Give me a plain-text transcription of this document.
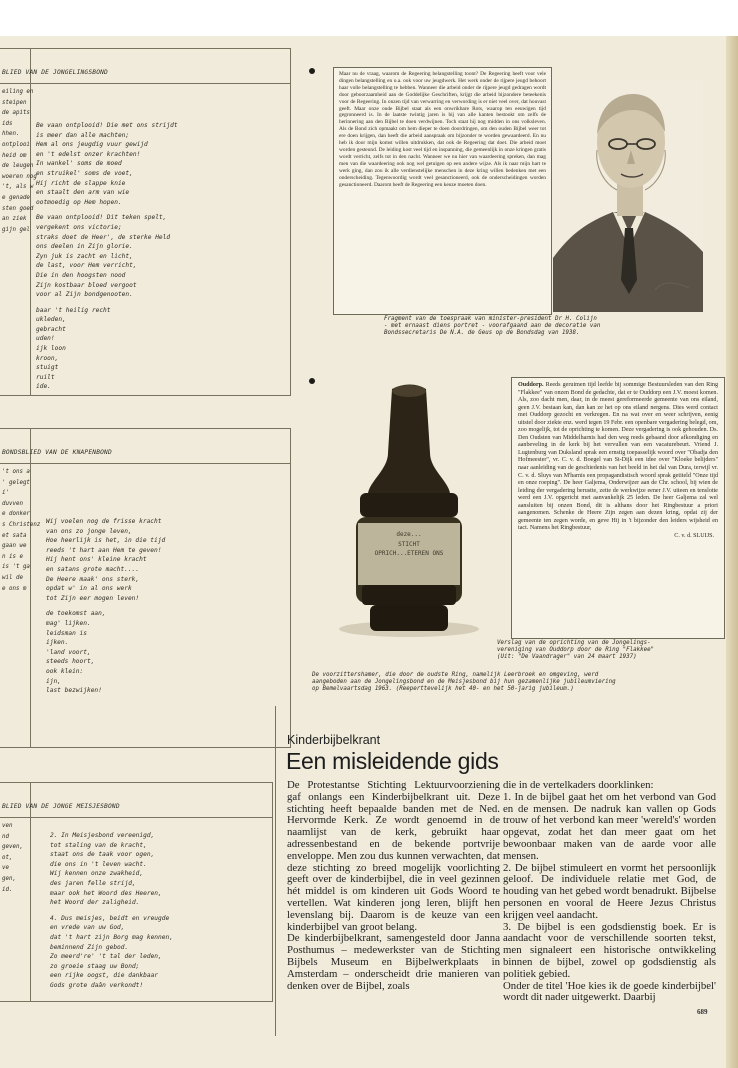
BLIED VAN DE JONGELINGSBOND
eiling en
steipen
de apits
ids
hhen.
ontplooi
heid om
de leugen
woeren nog
't, als w
e genade
sten goed
an ziek
gijn gel
Be vaan ontplooid! Die met ons strijdt
is meer dan alle machten;
Hem al ons jeugdig vuur gewijd
en 't edelst onzer krachten!
In wankel' soms de moed
en struikel' soms de voet,
Hij richt de slappe knie
en staalt den arm van wie
ootmoedig op Hem hopen.
Be vaan ontplooid! Dit teken spelt,
vergekent ons victorie;
straks doet de Heer', de sterke Held
ons deelen in Zijn glorie.
Zyn juk is zacht en licht,
de last, voor Hem verricht,
Die in den hoogsten nood
Zijn kostbaar bloed vergoot
voor al Zijn bondgenooten.
baar 't heilig recht
ukleden,
gebracht
uden!
ijk loon
kroon,
stuigt
ruilt
ide.
BONDSBLIED VAN DE KNAPENBOND
't ons a
' gelegt
i'
duvven
e donker
s Christenz
et sata
gaan we
n is e
is 't ga
wil de
e ons m
Wij voelen nog de frisse kracht
van ons zo jonge leven,
Hoe heerlijk is het, in die tijd
reeds 't hart aan Hem te geven!
Hij hent ons' kleine kracht
en satans grote macht....
De Heere maak' ons sterk,
opdat w' in al ons werk
tot Zijn eer mogen leven!
de toekomst aan,
mag' lijken.
leidsman is
ijken.
'land voort,
steeds hoort,
ook klein:
ijn,
last bezwijken!
BLIED VAN DE JONGE MEISJESBOND
ven
nd
geven,
ot,
ve
gen,
id.
2. In Meisjesbond vereenigd,
tot staling van de kracht,
staat ons de taak voor ogen,
die ons in 't leven wacht.
Wij kennen onze zwakheid,
des jaren felle strijd,
maar ook het Woord des Heeren,
het Woord der zaligheid.
4. Dus meisjes, beidt en vreugde
en vrede van uw God,
dat 't hart zijn Borg mag kennen,
beminnend Zijn gebod.
Zo meerd're' 't tal der leden,
zo groeie staag uw Bond;
een rijke oogst, die dankbaar
Gods grote daân verkondt!

Maar nu de vraag, waarom de Regeering belangstelling toont? De Regeering heeft voor vele dingen belangstelling en o.a. ook voor uw jeugdwerk. Het werk onder de rijpere jeugd behoort haar volle belangstelling te hebben. Wanneer die arbeid onder de rijpere jeugd gedragen wordt door geboorzaamheid aan de Goddelijke Geschriften, krijgt die arbeid bijzondere beteekenis voor de Regeering. In onzen tijd van verwarring en verwording is er niet veel over, dat houvast geeft. Maar onze oude Bijbel staat als een onwrikbare Rots, waarop ten eeuwigen tijd gegronneerd is. In de laatste twintig jaren is bij van alle kanten bestookt om zelfs de herinnering aan den Bijbel te doen verdwijnen. Toch staat hij nog midden in ons volksleven. Als de Bond zich opmaakt om hem dieper te doen doordringen, om den ouden Bijbel weer tot ere doen krijgen, dan heeft die arbeid aanspraak om bijzonder te worden gewaardeerd. En nu heb ik door mijn komst willen uitdrukken, dat ook de Regeering dat doet. Die arbeid moet worden gesteund. De leiding kost veel tijd en inspanning, die gemeenlijk in onze kringen gratis wordt verricht, zelfs tot in den nacht. Wanneer we nu hier van waardeering spreken, dan mag men van die waardeering ook nog wel getuigen op een andere wijze. Als ik naar mijn hart te werk ging, dan zou ik alle verdienstelijke menschen in deze kring willen bedenken met een onderscheiding. Tegenwoordig wordt veel gesanctioneerd, ook de onderscheidingen worden gesanctioneerd. Daarom heeft de Regeering een keuze moeten doen.

Fragment van de toespraak van minister-president Dr H. Colijn
- met ernaast diens portret - voorafgaand aan de decoratie van
Bondssecretaris De N.A. de Geus op de Bondsdag van 1938.
deze...
STICHT
OPRICH...ETEREN ONS

Ouddorp. Reeds geruimen tijd leefde bij sommige Bestuursleden van den Ring "Flakkee" van onzen Bond de gedachte, dat er te Ouddorp een J.V. moest komen. Als, zoo dacht men, daar, in de meest gereformeerde gemeente van ons eiland, geen J.V. bestaan kan, dan kan ze het op ons eiland nergens. Dies werd contact met Ouddorp gezocht en verkregen. En na wat over en weer schrijven, eenig uitstel door ziekte enz. werd tegen 19 Febr. een openbare vergadering belegd, om, zoo mogelijk, tot de oprichting te komen. Deze vergadering is ook gehouden. Ds. Den Oudsten van Middelharnis had den weg reeds gebaand door afkondiging en aanbeveling in de kerk bij het vervullen van een vacaturebeurt. Vriend J. Lugtenburg van Duksland sprak een ernstig toepasselijk woord over "Obadja den Hofmeester", vr. C. v. d. Boegel van St-Dijk een idee over "Kloeke belijders" naar aanleiding van de geschiedenis van het beeld in het dal van Dura, terwijl vr. C. v. d. Sluys van M'harnis een propagandistisch woord sprak getiteld "Onze tijd en onze roeping". De heer Galjema, Onderwijzer aan de Chr. school, bij wien de leiding der vergadering berustte, zette de werkwijze eener J.V. uiteen en tenslotte werd een J.V. opgericht met aanvankelijk 25 leden. De heer Galjema zal wel aansluiten bij onzen Bond, dit is althans door het Ringbestuur a priori aangenomen. Schenke de Heere Zijn zegen aan dezen kring, opdat zij der gemeente ten zegen worde, en geve Hij in 't bijzonder den leiders wijsheid en tact. Namens het Ringbestuur,

C. v. d. SLUIJS.

Verslag van de oprichting van de Jongelings-
vereniging van Ouddorp door de Ring "Flakkee"
(Uit: "De Vaandrager" van 24 maart 1937)
De voorzittershamer, die door de oudste Ring, namelijk Leerbroek en omgeving, werd
aangeboden aan de Jongelingsbond en de Meisjesbond bij hun gezamenlijke jubileumviering
op Bemelvaartsdag 1963. (Reeperttevelijk het 40- en het 50-jarig jubileum.)
Kinderbijbelkrant
Een misleidende gids

De Protestantse Stichting Lektuurvoorziening gaf onlangs een Kinderbijbelkrant uit. Deze stichting heeft bepaalde banden met de Ned. Hervormde Kerk. Ze wordt genoemd in de naamlijst van de kerk, gebruikt haar adressenbestand en de bekende portvrije enveloppe. Men zou dus kunnen verwachten, dat deze stichting zo breed mogelijk voorlichting geeft over de kinderbijbel, die in veel gezinnen hét middel is om kinderen uit Gods Woord te vertellen. Wat kinderen jong leren, blijft hen levenslang bij. Daarom is de keuze van een kinderbijbel van groot belang.

De kinderbijbelkrant, samengesteld door Janna Posthumus – medewerkster van de Stichting Bijbels Museum en Bijbelwerkplaats in Amsterdam – onderscheidt drie manieren van denken over de Bijbel, zoals

die in de vertelkaders doorklinken:

1. In de bijbel gaat het om het verbond van God en de mensen. De nadruk kan vallen op Gods trouw of het verbond kan meer 'wereld's' worden opgevat, zodat het dan meer gaat om het bewoonbaar maken van de aarde voor alle mensen.

2. De bijbel stimuleert en vormt het persoonlijk geloof. De individuele relatie met God, de houding van het gebed wordt benadrukt. Bijbelse personen en vooral de Heere Jezus Christus krijgen veel aandacht.

3. De bijbel is een godsdienstig boek. Er is aandacht voor de verschillende soorten tekst, men signaleert een historische ontwikkeling binnen de bijbel, zowel op godsdienstig als politiek gebied.

Onder de titel 'Hoe kies ik de goede kinderbijbel' wordt dit nader uitgewerkt. Daarbij

689
